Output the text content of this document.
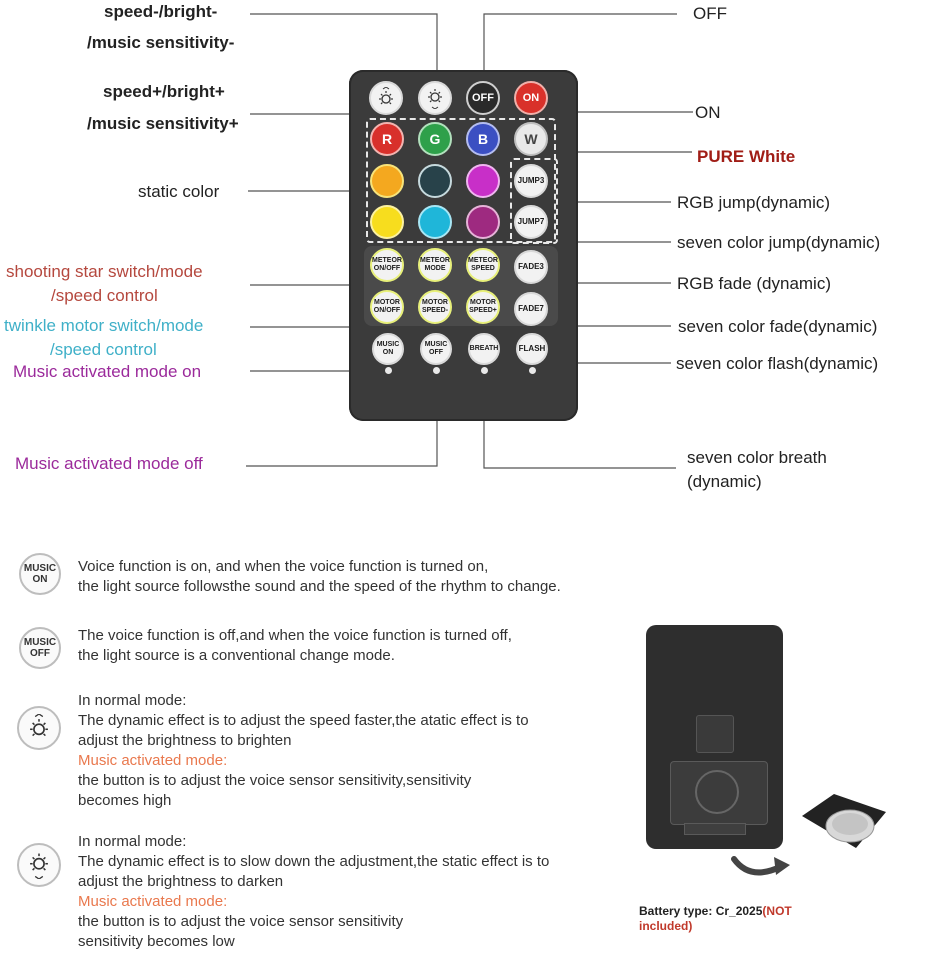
speed-/bright-
/music sensitivity-
speed+/bright+
/music sensitivity+
static color
shooting star switch/mode
/speed control
twinkle motor switch/mode
/speed control
Music activated mode on
Music activated mode off
OFF
ON
PURE White
RGB jump(dynamic)
seven color jump(dynamic)
RGB fade (dynamic)
seven color fade(dynamic)
seven color flash(dynamic)
seven color breath
(dynamic)
OFF	ON
R	G	B	W
JUMP3
JUMP7
METEOR ON/OFF
METEOR MODE
METEOR SPEED	FADE3
MOTOR ON/OFF
MOTOR SPEED-
MOTOR SPEED+	FADE7
MUSIC ON
MUSIC OFF
BREATH	FLASH
MUSIC ON
Voice function is on, and when the voice function is turned on,
the light source followsthe sound and the speed of the rhythm to change.
MUSIC OFF
The voice function is off,and when the voice function is turned off,
the light source is a conventional change mode.
In normal mode:
The dynamic effect is to adjust the speed faster,the atatic effect is to
adjust the brightness to brighten
Music activated mode:
the button is to adjust the voice sensor sensitivity,sensitivity
becomes high
In normal mode:
The dynamic effect is to slow down the adjustment,the static effect is to
adjust the brightness to darken
Music activated mode:
the button is to adjust the voice sensor sensitivity
sensitivity becomes low
Battery type: Cr_2025(NOT
included)
